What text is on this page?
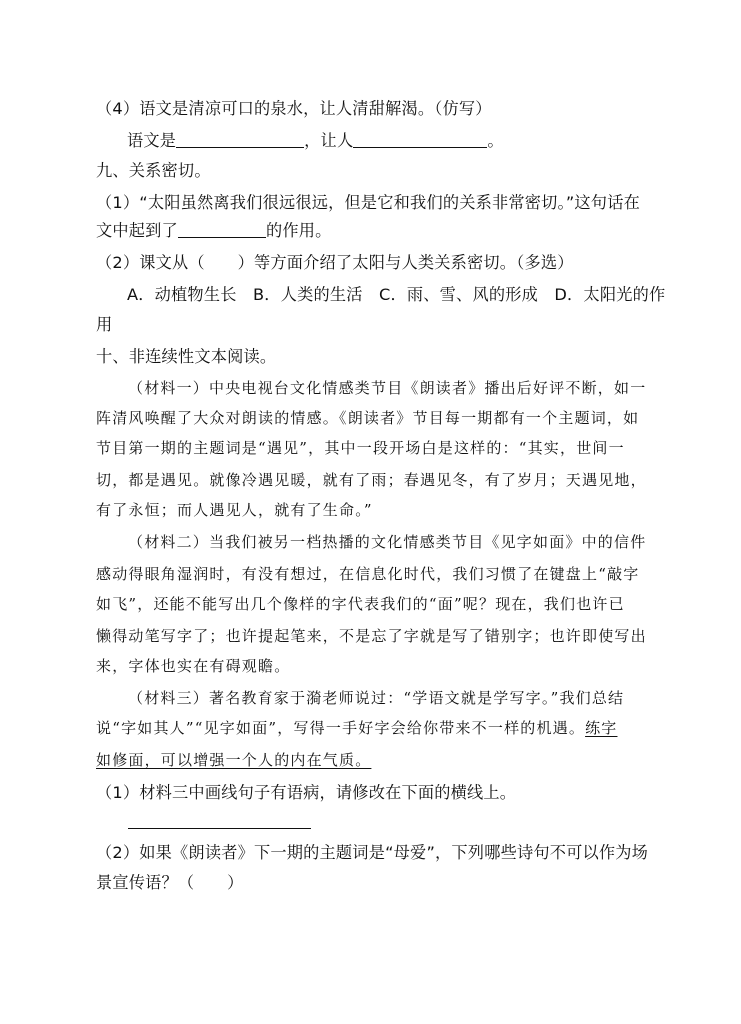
（4）语文是清凉可口的泉水，让人清甜解渴。（仿写）
语文是	，让人	。
九、关系密切。
（1）“太阳虽然离我们很远很远，但是它和我们的关系非常密切。”这句话在
文中起到了	的作用。
（2）课文从（　　）等方面介绍了太阳与人类关系密切。（多选）
A．动植物生长　B．人类的生活　C．雨、雪、风的形成　D．太阳光的作
用
十、非连续性文本阅读。
（材料一）中央电视台文化情感类节目《朗读者》播出后好评不断，如一
阵清风唤醒了大众对朗读的情感。《朗读者》节目每一期都有一个主题词，如
节目第一期的主题词是“遇见”，其中一段开场白是这样的：“其实，世间一
切，都是遇见。就像冷遇见暖，就有了雨；春遇见冬，有了岁月；天遇见地，
有了永恒；而人遇见人，就有了生命。”
（材料二）当我们被另一档热播的文化情感类节目《见字如面》中的信件
感动得眼角湿润时，有没有想过，在信息化时代，我们习惯了在键盘上“敲字
如飞”，还能不能写出几个像样的字代表我们的“面”呢？现在，我们也许已
懒得动笔写字了；也许提起笔来，不是忘了字就是写了错别字；也许即使写出
来，字体也实在有碍观瞻。
（材料三）著名教育家于漪老师说过：“学语文就是学写字。”我们总结
说“字如其人”“见字如面”，写得一手好字会给你带来不一样的机遇。练字
如修面，可以增强一个人的内在气质。
（1）材料三中画线句子有语病，请修改在下面的横线上。
（2）如果《朗读者》下一期的主题词是“母爱”，下列哪些诗句不可以作为场
景宣传语？（　　）
